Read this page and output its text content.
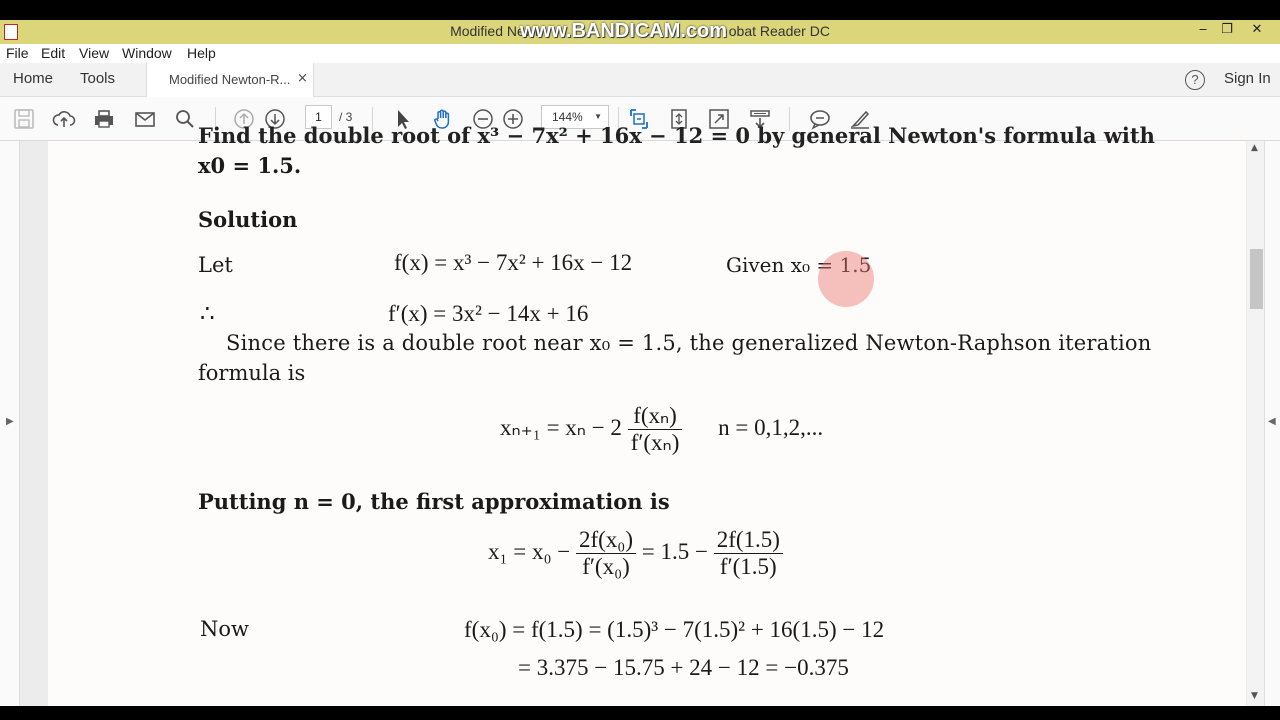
Modified Newt	obat Reader DC
www.BANDICAM.com	‒	❐	✕
File Edit View Window Help
Home Tools	Modified Newton-R... ×	?	Sign In
1	/ 3	144% ▼
▶
Find the double root of x³ − 7x² + 16x − 12 = 0 by general Newton's formula with
x0 = 1.5.
Solution
Let	f(x) = x³ − 7x² + 16x − 12	Given x₀ = 1.5
∴	f′(x) = 3x² − 14x + 16
Since there is a double root near x₀ = 1.5, the generalized Newton-Raphson iteration
formula is
$x_{n+1} = x_n - 2 \frac{\text{f(xₙ)}}{\text{f′(xₙ)}}$ n = 0,1,2,...
Putting n = 0, the first approximation is
$x_1 = x_0 - \frac{\text{2f(x₀)}}{\text{f′(x₀)}} = 1.5 - \frac{2f(1.5)}{f'(1.5)}$
Now	f(x₀) = f(1.5) = (1.5)³ − 7(1.5)² + 16(1.5) − 12
= 3.375 − 15.75 + 24 − 12 = −0.375
▲
▼
◀
